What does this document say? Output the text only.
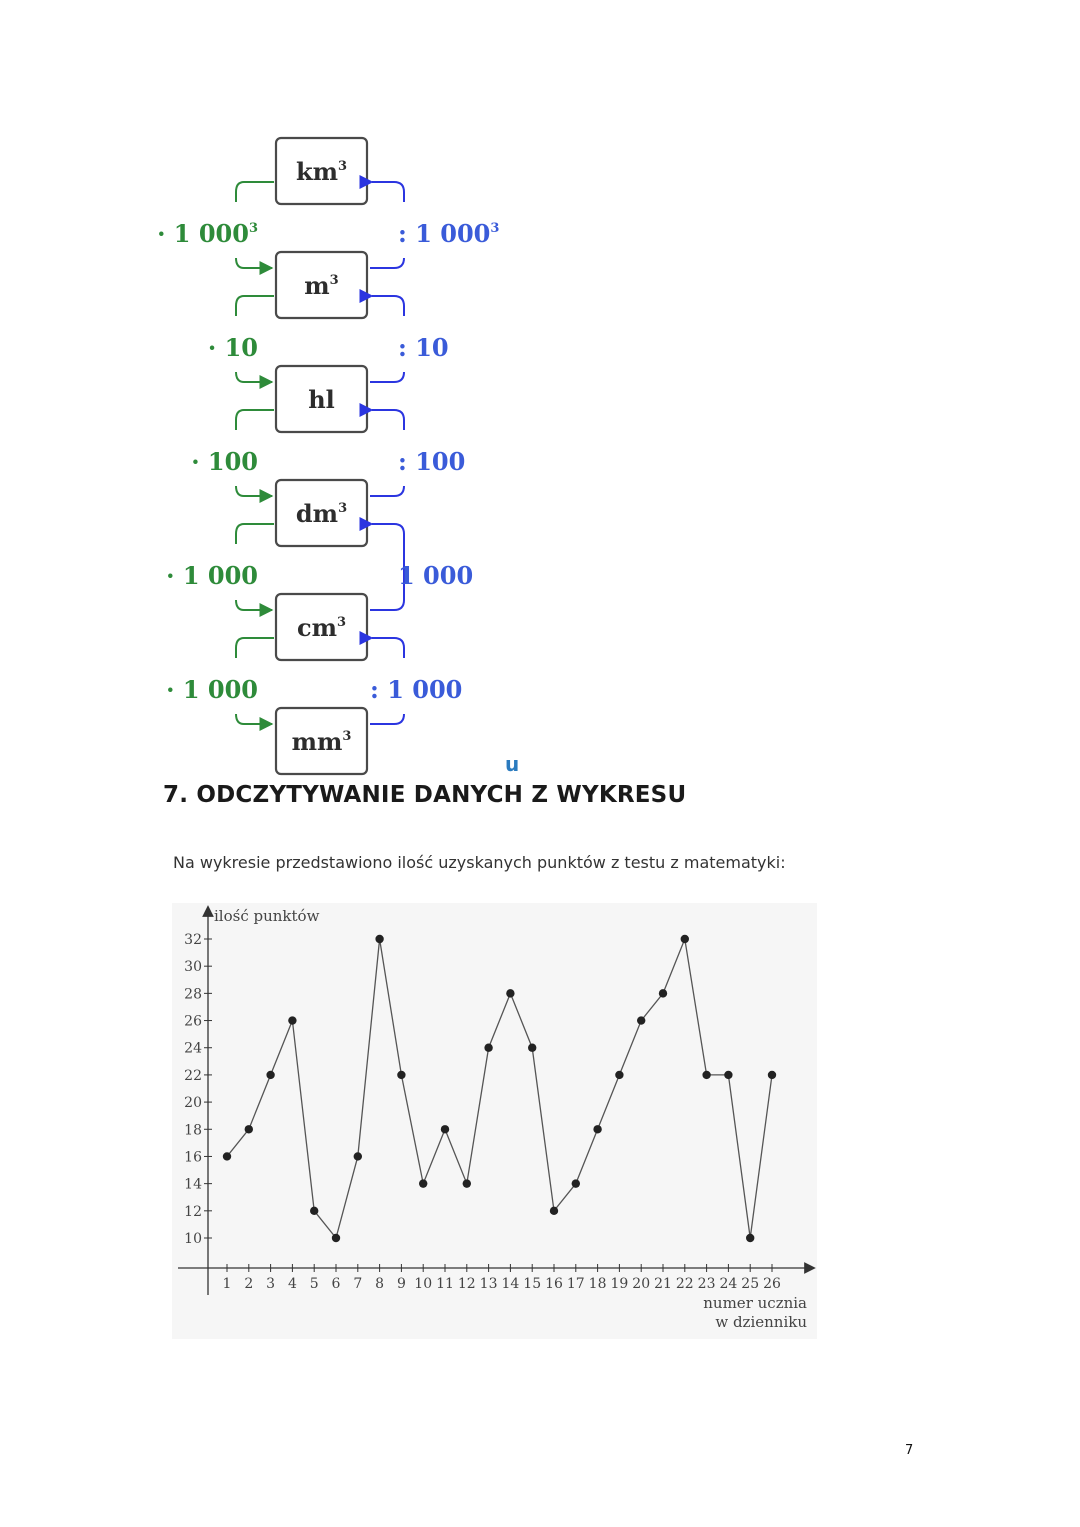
$km^3$
$m^3$
hl
$dm^3$
$cm^3$
$mm^3$
· 1 $000^3$
· 10
· 100
· 1 000
· 1 000
: 1 $000^3$
: 10
: 100
1 000
: 1 000
u
7. ODCZYTYWANIE DANYCH Z WYKRESU
Na wykresie przedstawiono ilość uzyskanych punktów z testu z matematyki:
ilość punktów
10
12
14
16
18
20
22
24
26
28
30
32
1 2 3 4 5 6 7 8 9 10 11 12 13 14 15 16 17 18 19 20 21 22 23 24 25 26
numer ucznia
w dzienniku
7
